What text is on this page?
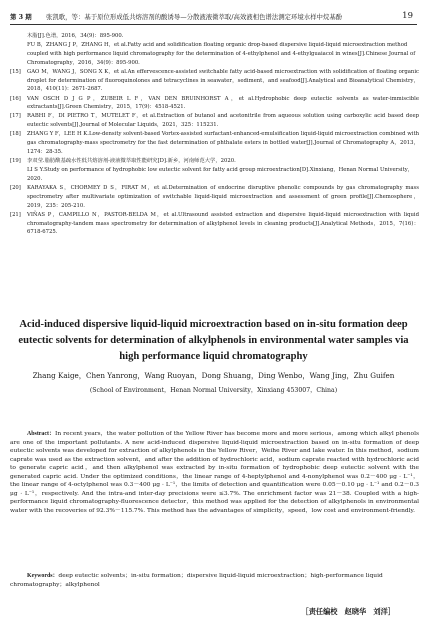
第 3 期 张凯歌，等：基于原位形成低共熔溶剂的酸诱导—分散液液微萃取/高效液相色谱法测定环境水样中烷基酚	19
木脂[J].色谱，2016，34(9)：895-900.
FU B，ZHANG J P，ZHANG H，et al.Fatty acid and solidification floating organic drop-based dispersive liquid-liquid microextraction method coupled with high performance liquid chromatography for the determination of 4-ethylphenol and 4-ethylguaiacol in wines[J].Chinese Journal of Chromatography，2016，34(9)：895-900.
[15] GAO M，WANG J，SONG X K，et al.An effervescence-assisted switchable fatty acid-based microextraction with solidification of floating organic droplet for determination of fluoroquinolones and tetracyclines in seawater，sediment，and seafood[J].Analytical and Bioanalytical Chemistry，2018，410(11)：2671-2687.
[16] VAN OSCH D J G P，ZUBEIR L F，VAN DEN BRUINHORST A，et al.Hydrophobic deep eutectic solvents as water-immiscible extractants[J].Green Chemistry，2015，17(9)：4518-4521.
[17] RABHI F，DI PIETRO T，MUTELET F，et al.Extraction of butanol and acetonitrile from aqueous solution using carboxylic acid based deep eutectic solvents[J].Journal of Molecular Liquids，2021，325：115231.
[18] ZHANG Y F，LEE H K.Low-density solvent-based Vortex-assisted surfactant-enhanced-emulsification liquid-liquid microextraction combined with gas chromatography-mass spectrometry for the fast determination of phthalate esters in bottled water[J].Journal of Chromatography A，2013，1274：28-35.
[19] 李双莹.脂肪酸基疏水性低共熔溶剂-液液微萃取性能研究[D].新乡，河南师范大学，2020.
LI S Y.Study on performance of hydrophobic low eutectic solvent for fatty acid group microextraction[D].Xinxiang，Henan Normal University，2020.
[20] KARAYAKA S，CHORMEY D S，FIRAT M，et al.Determination of endocrine disruptive phenolic compounds by gas chromatography mass spectrometry after multivariate optimization of switchable liquid-liquid microextraction and assessment of green profile[J].Chemosphere，2019，235：205-210.
[21] VIÑAS P，CAMPILLO N，PASTOR-BELDA M，et al.Ultrasound assisted extraction and dispersive liquid-liquid microextraction with liquid chromatography-tandem mass spectrometry for determination of alkylphenol levels in cleaning products[J].Analytical Methods，2015，7(16)：6718-6725.
Acid-induced dispersive liquid-liquid microextraction based on in-situ formation deep eutectic solvents for determination of alkylphenols in environmental water samples via high performance liquid chromatography
Zhang Kaige，Chen Yanrong，Wang Ruoyan，Dong Shuang，Ding Wenbo，Wang Jing，Zhu Guifen
(School of Environment，Henan Normal University，Xinxiang 453007，China)
Abstract：In recent years，the water pollution of the Yellow River has become more and more serious，among which alkyl phenols are one of the important pollutants. A new acid-induced dispersive liquid-liquid microextraction based on in-situ formation of deep eutectic solvents was developed for extraction of alkylphenols in the Yellow River，Weihe River and lake water. In this method，sodium caprate was used as the extraction solvent，and after the addition of hydrochloric acid，sodium caprate reacted with hydrochloric acid to generate capric acid，and then alkylphenol was extracted by in-situ formation of hydrophobic deep eutectic solvent with the generated capric acid. Under the optimized conditions，the linear range of 4-heptylphenol and 4-nonylphenol was 0.2－400 μg · L⁻¹，the linear range of 4-octylphenol was 0.3－400 μg · L⁻¹，the limits of detection and quantification were 0.05－0.10 μg · L⁻¹ and 0.2－0.3 μg · L⁻¹，respectively. And the intra-and inter-day precisions were ≤3.7%. The enrichment factor was 21－38. Coupled with a high-performance liquid chromatography-fluorescence detector，this method was applied for the detection of alkylphenols in environmental water with the recoveries of 92.3%－115.7%. This method has the advantages of simplicity，speed，low cost and environment-friendly.
Keywords：deep eutectic solvents；in-situ formation；dispersive liquid-liquid microextraction；high-performance liquid chromatography；alkylphenol
［责任编校　赵晓华　刘洋］
